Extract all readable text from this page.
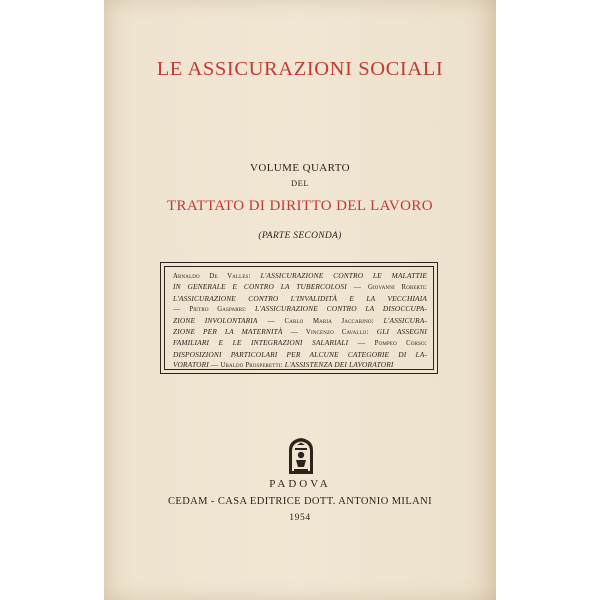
LE ASSICURAZIONI SOCIALI
VOLUME QUARTO
DEL
TRATTATO DI DIRITTO DEL LAVORO
(PARTE SECONDA)
Arnaldo De Valles: L'ASSICURAZIONE CONTRO LE MALATTIE
IN GENERALE E CONTRO LA TUBERCOLOSI — Giovanni Roberti:
L'ASSICURAZIONE CONTRO L'INVALIDITÀ E LA VECCHIAIA
— Pietro Gasparri: L'ASSICURAZIONE CONTRO LA DISOCCUPA-
ZIONE INVOLONTARIA — Carlo Maria Jaccarino: L'ASSICURA-
ZIONE PER LA MATERNITÀ — Vincenzo Cavallo: GLI ASSEGNI
FAMILIARI E LE INTEGRAZIONI SALARIALI — Pompeo Corso:
DISPOSIZIONI PARTICOLARI PER ALCUNE CATEGORIE DI LA-
VORATORI — Ubaldo Prosperetti: L'ASSISTENZA DEI LAVORATORI
PADOVA
CEDAM - CASA EDITRICE DOTT. ANTONIO MILANI
1954
